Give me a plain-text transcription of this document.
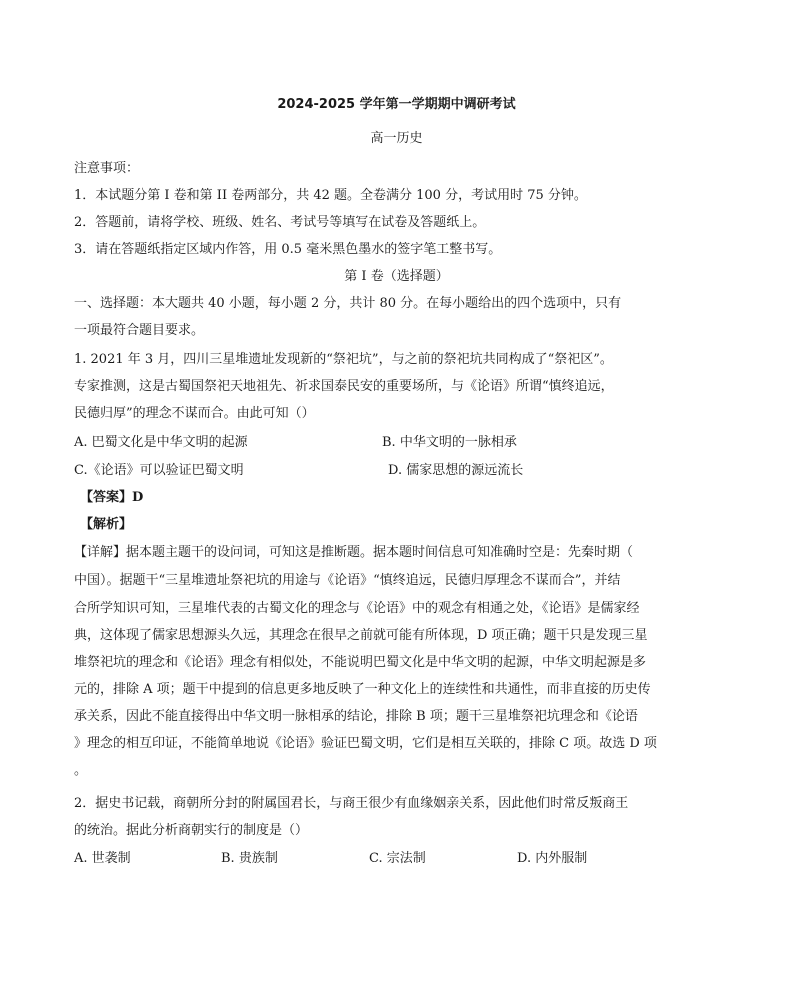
2024-2025 学年第一学期期中调研考试
高一历史
注意事项：
1．本试题分第 I 卷和第 II 卷两部分，共 42 题。全卷满分 100 分，考试用时 75 分钟。
2．答题前，请将学校、班级、姓名、考试号等填写在试卷及答题纸上。
3．请在答题纸指定区域内作答，用 0.5 毫米黑色墨水的签字笔工整书写。
第 I 卷（选择题）
一、选择题：本大题共 40 小题，每小题 2 分，共计 80 分。在每小题给出的四个选项中，只有
一项最符合题目要求。
1. 2021 年 3 月，四川三星堆遗址发现新的“祭祀坑”，与之前的祭祀坑共同构成了“祭祀区”。
专家推测，这是古蜀国祭祀天地祖先、祈求国泰民安的重要场所，与《论语》所谓“慎终追远，
民德归厚”的理念不谋而合。由此可知（）
A. 巴蜀文化是中华文明的起源	B. 中华文明的一脉相承
C.《论语》可以验证巴蜀文明	D. 儒家思想的源远流长
【答案】D
【解析】
【详解】据本题主题干的设问词，可知这是推断题。据本题时间信息可知准确时空是：先秦时期（
中国）。据题干“三星堆遗址祭祀坑的用途与《论语》“慎终追远，民德归厚理念不谋而合”，并结
合所学知识可知，三星堆代表的古蜀文化的理念与《论语》中的观念有相通之处，《论语》是儒家经
典，这体现了儒家思想源头久远，其理念在很早之前就可能有所体现，D 项正确；题干只是发现三星
堆祭祀坑的理念和《论语》理念有相似处，不能说明巴蜀文化是中华文明的起源，中华文明起源是多
元的，排除 A 项；题干中提到的信息更多地反映了一种文化上的连续性和共通性，而非直接的历史传
承关系，因此不能直接得出中华文明一脉相承的结论，排除 B 项；题干三星堆祭祀坑理念和《论语
》理念的相互印证，不能简单地说《论语》验证巴蜀文明，它们是相互关联的，排除 C 项。故选 D 项
。
2．据史书记载，商朝所分封的附属国君长，与商王很少有血缘姻亲关系，因此他们时常反叛商王
的统治。据此分析商朝实行的制度是（）
A. 世袭制	B. 贵族制	C. 宗法制	D. 内外服制
